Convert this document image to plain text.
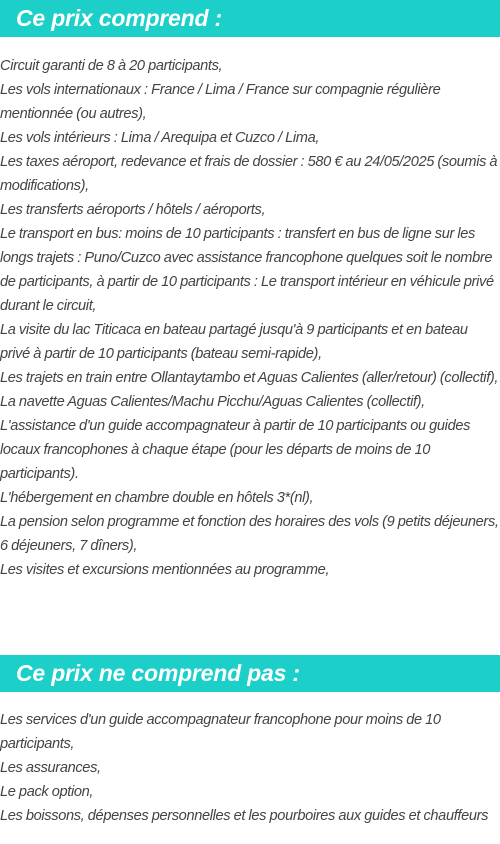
Ce prix comprend :
Circuit garanti de 8 à 20 participants,
Les vols internationaux : France / Lima / France sur compagnie régulière mentionnée (ou autres),
Les vols intérieurs : Lima / Arequipa et Cuzco / Lima,
Les taxes aéroport, redevance et frais de dossier : 580 € au 24/05/2025 (soumis à modifications),
Les transferts aéroports / hôtels / aéroports,
Le transport en bus: moins de 10 participants : transfert en bus de ligne sur les longs trajets : Puno/Cuzco avec assistance francophone quelques soit le nombre de participants, à partir de 10 participants : Le transport intérieur en véhicule privé durant le circuit,
La visite du lac Titicaca en bateau partagé jusqu'à 9 participants et en bateau privé à partir de 10 participants (bateau semi-rapide),
Les trajets en train entre Ollantaytambo et Aguas Calientes (aller/retour) (collectif),
La navette Aguas Calientes/Machu Picchu/Aguas Calientes (collectif),
L'assistance d'un guide accompagnateur à partir de 10 participants ou guides locaux francophones à chaque étape (pour les départs de moins de 10 participants).
L'hébergement en chambre double en hôtels 3*(nl),
La pension selon programme et fonction des horaires des vols (9 petits déjeuners, 6 déjeuners, 7 dîners),
Les visites et excursions mentionnées au programme,
Ce prix ne comprend pas :
Les services d'un guide accompagnateur francophone pour moins de 10 participants,
Les assurances,
Le pack option,
Les boissons, dépenses personnelles et les pourboires aux guides et chauffeurs
